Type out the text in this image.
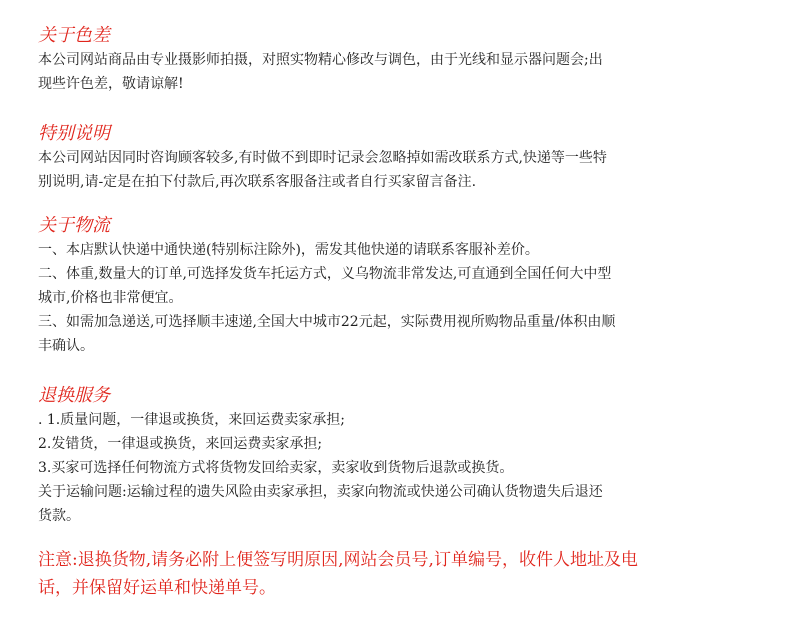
关于色差
本公司网站商品由专业摄影师拍摄，对照实物精心修改与调色，由于光线和显示器问题会;出
现些许色差，敬请谅解!
特别说明
本公司网站因同时咨询顾客较多,有时做不到即时记录会忽略掉如需改联系方式,快递等一些特
别说明,请-定是在拍下付款后,再次联系客服备注或者自行买家留言备注.
关于物流
一、本店默认快递中通快递(特别标注除外)，需发其他快递的请联系客服补差价。
二、体重,数量大的订单,可选择发货车托运方式，义乌物流非常发达,可直通到全国任何大中型
城市,价格也非常便宜。
三、如需加急递送,可选择顺丰速递,全国大中城市22元起，实际费用视所购物品重量/体积由顺
丰确认。
退换服务
. 1.质量问题，一律退或换货，来回运费卖家承担;
2.发错货，一律退或换货，来回运费卖家承担;
3.买家可选择任何物流方式将货物发回给卖家，卖家收到货物后退款或换货。
关于运输问题:运输过程的遗失风险由卖家承担，卖家向物流或快递公司确认货物遗失后退还
货款。
注意:退换货物,请务必附上便签写明原因,网站会员号,订单编号，收件人地址及电
话，并保留好运单和快递单号。
